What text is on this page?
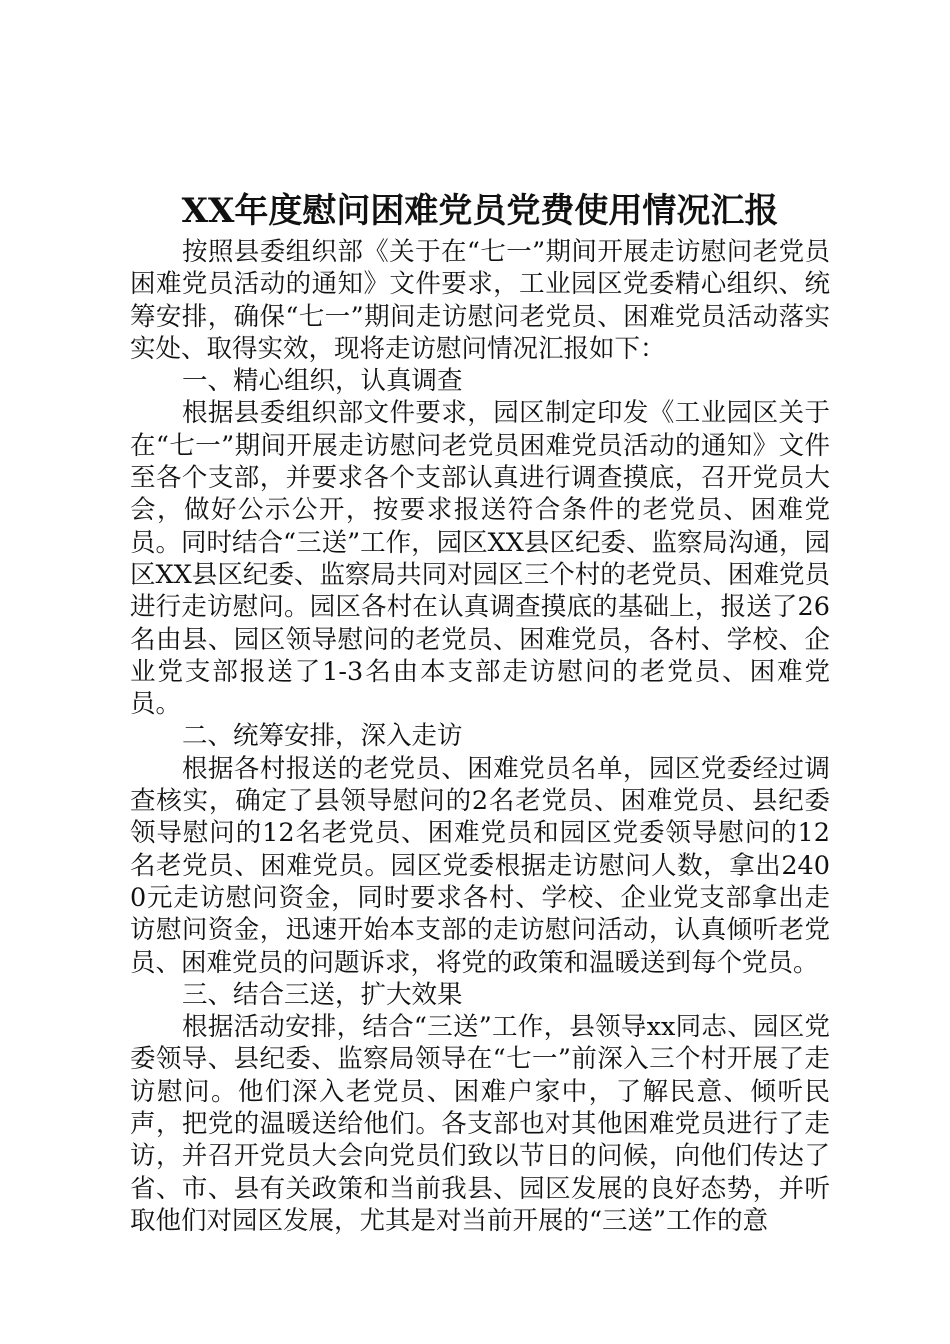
XX年度慰问困难党员党费使用情况汇报

按照县委组织部《关于在“七一”期间开展走访慰问老党员困难党员活动的通知》文件要求，工业园区党委精心组织、统筹安排，确保“七一”期间走访慰问老党员、困难党员活动落实实处、取得实效，现将走访慰问情况汇报如下：

一、精心组织，认真调查

根据县委组织部文件要求，园区制定印发《工业园区关于在“七一”期间开展走访慰问老党员困难党员活动的通知》文件至各个支部，并要求各个支部认真进行调查摸底，召开党员大会，做好公示公开，按要求报送符合条件的老党员、困难党员。同时结合“三送”工作，园区XX县区纪委、监察局沟通，园区XX县区纪委、监察局共同对园区三个村的老党员、困难党员进行走访慰问。园区各村在认真调查摸底的基础上，报送了26名由县、园区领导慰问的老党员、困难党员，各村、学校、企业党支部报送了1-3名由本支部走访慰问的老党员、困难党员。

二、统筹安排，深入走访

根据各村报送的老党员、困难党员名单，园区党委经过调查核实，确定了县领导慰问的2名老党员、困难党员、县纪委领导慰问的12名老党员、困难党员和园区党委领导慰问的12名老党员、困难党员。园区党委根据走访慰问人数，拿出2400元走访慰问资金，同时要求各村、学校、企业党支部拿出走访慰问资金，迅速开始本支部的走访慰问活动，认真倾听老党员、困难党员的问题诉求，将党的政策和温暖送到每个党员。

三、结合三送，扩大效果

根据活动安排，结合“三送”工作，县领导xx同志、园区党委领导、县纪委、监察局领导在“七一”前深入三个村开展了走访慰问。他们深入老党员、困难户家中，了解民意、倾听民声，把党的温暖送给他们。各支部也对其他困难党员进行了走访，并召开党员大会向党员们致以节日的问候，向他们传达了省、市、县有关政策和当前我县、园区发展的良好态势，并听取他们对园区发展，尤其是对当前开展的“三送”工作的意
